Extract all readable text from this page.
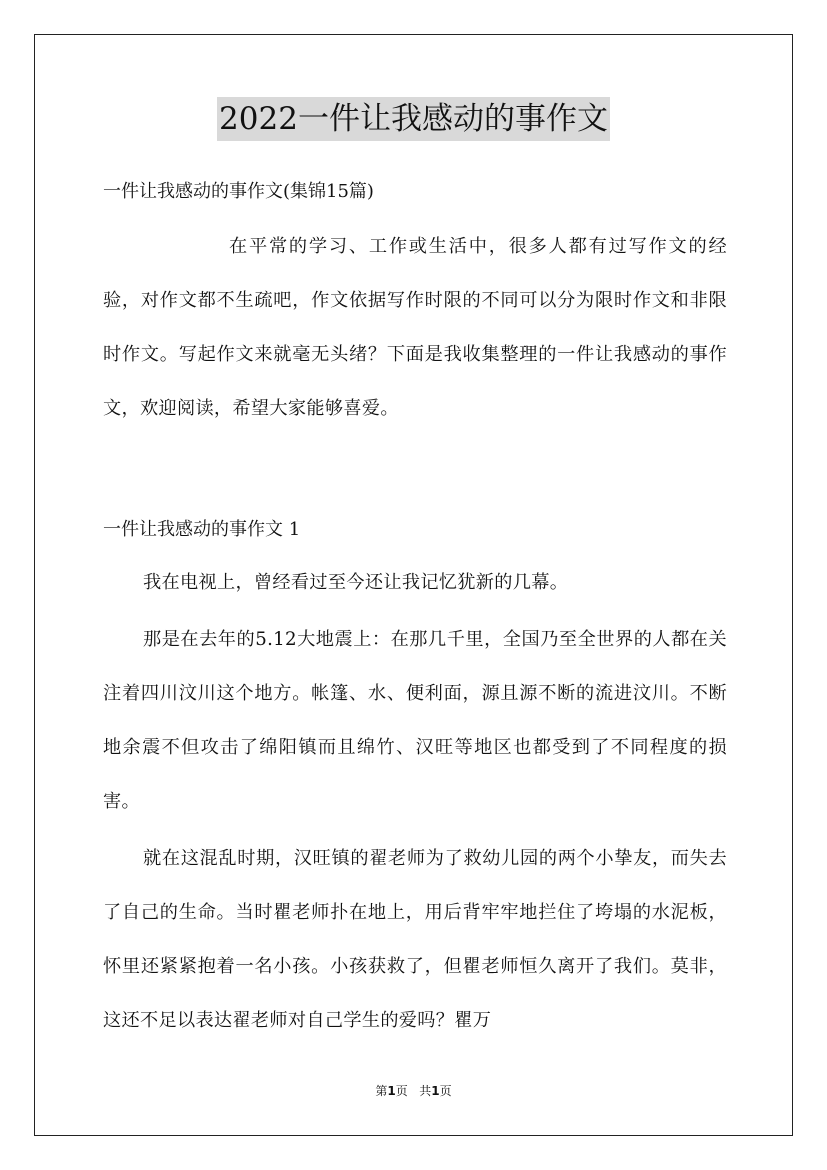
2022一件让我感动的事作文
一件让我感动的事作文(集锦15篇)

在平常的学习、工作或生活中，很多人都有过写作文的经验，对作文都不生疏吧，作文依据写作时限的不同可以分为限时作文和非限时作文。写起作文来就毫无头绪？下面是我收集整理的一件让我感动的事作文，欢迎阅读，希望大家能够喜爱。

一件让我感动的事作文 1

我在电视上，曾经看过至今还让我记忆犹新的几幕。

那是在去年的5.12大地震上：在那几千里，全国乃至全世界的人都在关注着四川汶川这个地方。帐篷、水、便利面，源且源不断的流进汶川。不断地余震不但攻击了绵阳镇而且绵竹、汉旺等地区也都受到了不同程度的损害。

就在这混乱时期，汉旺镇的翟老师为了救幼儿园的两个小挚友，而失去了自己的生命。当时瞿老师扑在地上，用后背牢牢地拦住了垮塌的水泥板，怀里还紧紧抱着一名小孩。小孩获救了，但瞿老师恒久离开了我们。莫非，这还不足以表达翟老师对自己学生的爱吗？瞿万

第1页 共1页
